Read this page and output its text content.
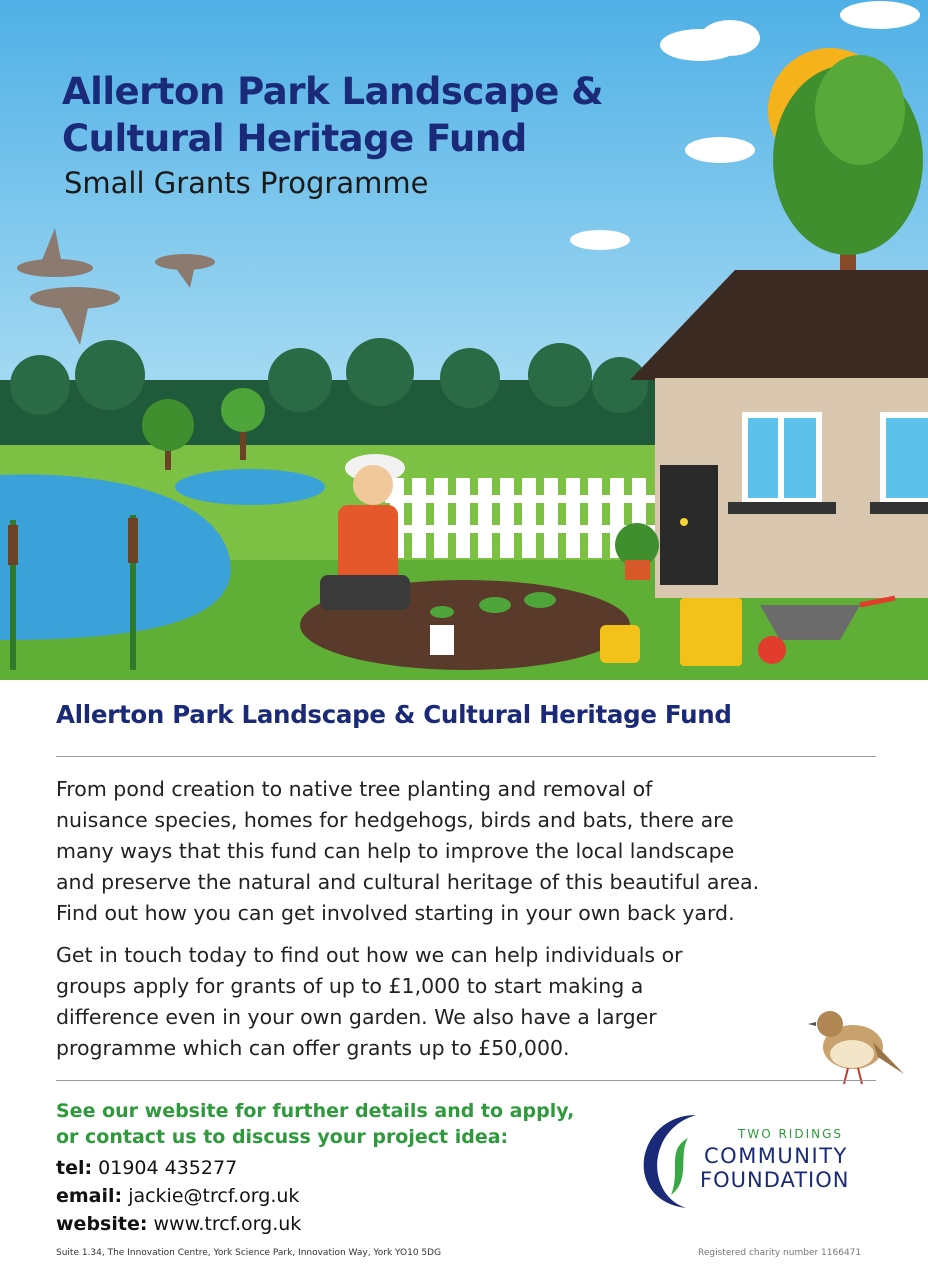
Allerton Park Landscape &
Cultural Heritage Fund
Small Grants Programme
Allerton Park Landscape & Cultural Heritage Fund

From pond creation to native tree planting and removal of
nuisance species, homes for hedgehogs, birds and bats, there are
many ways that this fund can help to improve the local landscape
and preserve the natural and cultural heritage of this beautiful area.
Find out how you can get involved starting in your own back yard.

Get in touch today to find out how we can help individuals or
groups apply for grants of up to £1,000 to start making a
difference even in your own garden. We also have a larger
programme which can offer grants up to £50,000.

See our website for further details and to apply,
or contact us to discuss your project idea:

tel: 01904 435277
email: jackie@trcf.org.uk
website: www.trcf.org.uk
TWO RIDINGS
COMMUNITY
FOUNDATION
Suite 1.34, The Innovation Centre, York Science Park, Innovation Way, York YO10 5DG	Registered charity number 1166471
